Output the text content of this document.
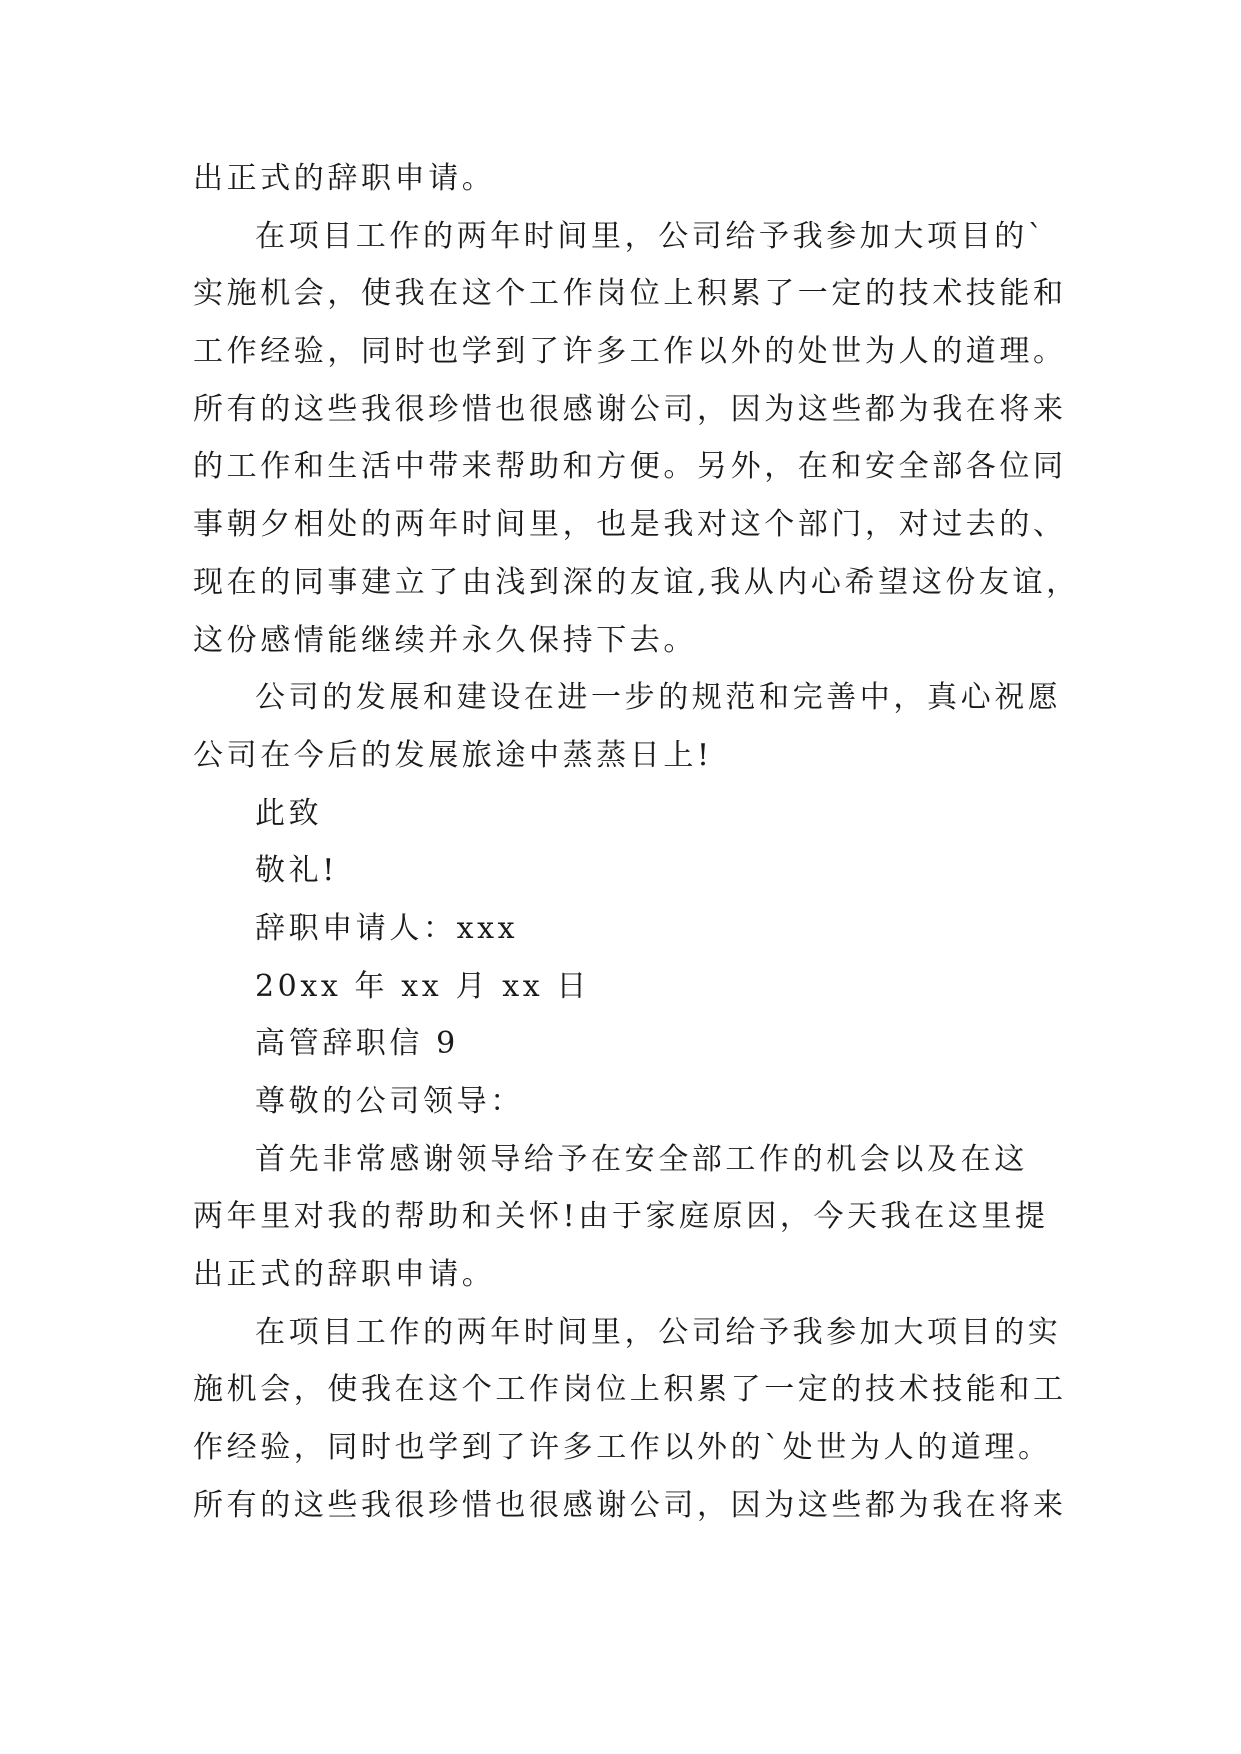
出正式的辞职申请。
在项目工作的两年时间里，公司给予我参加大项目的`
实施机会，使我在这个工作岗位上积累了一定的技术技能和
工作经验，同时也学到了许多工作以外的处世为人的道理。
所有的这些我很珍惜也很感谢公司，因为这些都为我在将来
的工作和生活中带来帮助和方便。另外，在和安全部各位同
事朝夕相处的两年时间里，也是我对这个部门，对过去的、
现在的同事建立了由浅到深的友谊,我从内心希望这份友谊，
这份感情能继续并永久保持下去。
公司的发展和建设在进一步的规范和完善中，真心祝愿
公司在今后的发展旅途中蒸蒸日上!
此致
敬礼!
辞职申请人：xxx
20xx 年 xx 月 xx 日
高管辞职信 9
尊敬的公司领导：
首先非常感谢领导给予在安全部工作的机会以及在这
两年里对我的帮助和关怀!由于家庭原因，今天我在这里提
出正式的辞职申请。
在项目工作的两年时间里，公司给予我参加大项目的实
施机会，使我在这个工作岗位上积累了一定的技术技能和工
作经验，同时也学到了许多工作以外的`处世为人的道理。
所有的这些我很珍惜也很感谢公司，因为这些都为我在将来
